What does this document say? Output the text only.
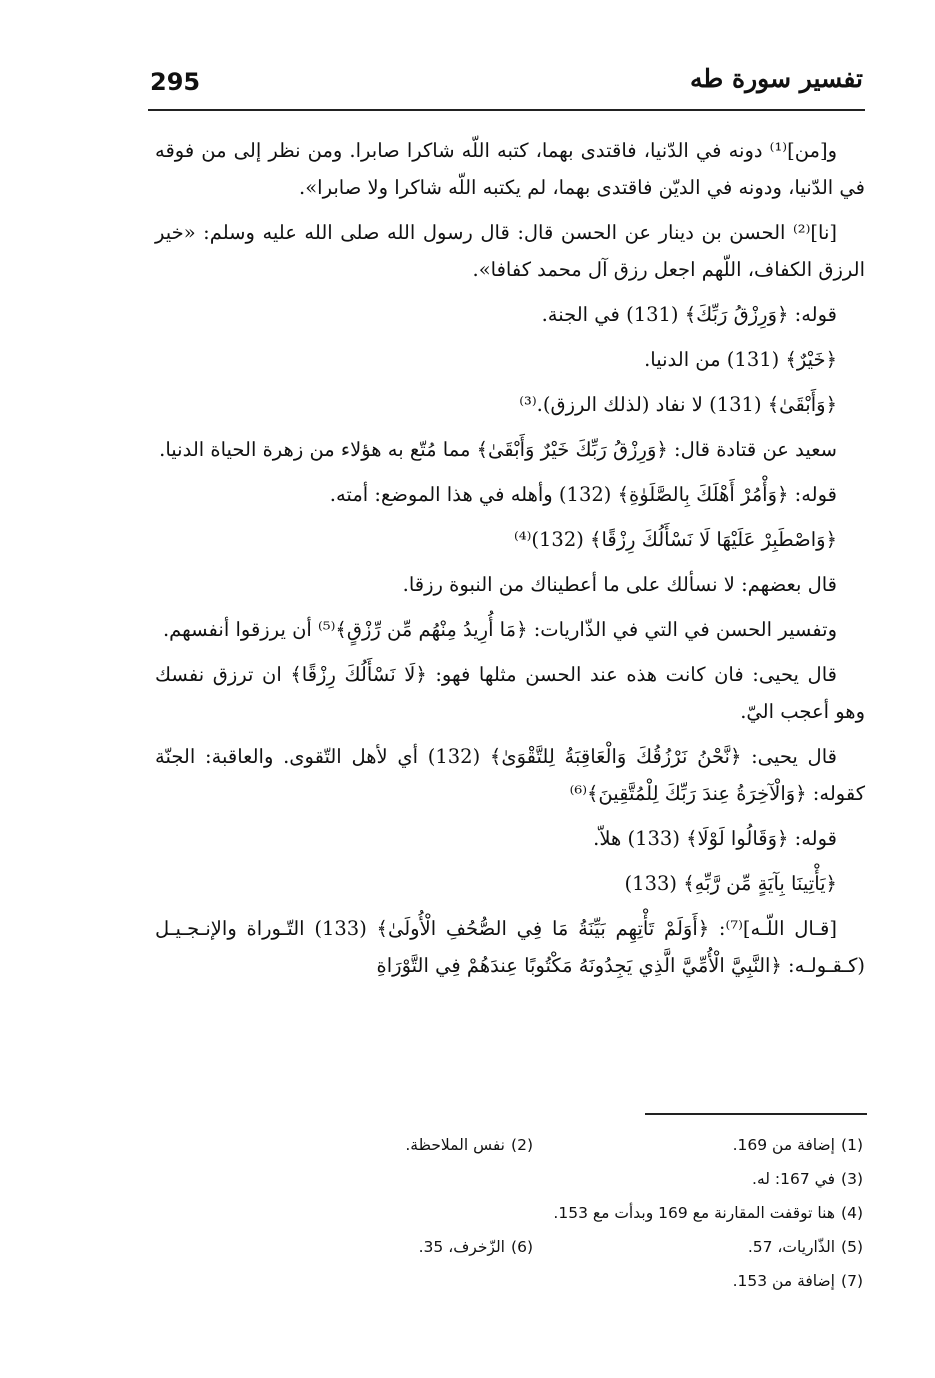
تفسير سورة طه
295

و[من]⁽¹⁾ دونه في الدّنيا، فاقتدى بهما، كتبه اللّه شاكرا صابرا. ومن نظر إلى من فوقه في الدّنيا، ودونه في الديّن فاقتدى بهما، لم يكتبه اللّه شاكرا ولا صابرا».

[نا]⁽²⁾ الحسن بن دينار عن الحسن قال: قال رسول الله صلى الله عليه وسلم: «خير الرزق الكفاف، اللّهم اجعل رزق آل محمد كفافا».

قوله: ﴿وَرِزْقُ رَبِّكَ﴾ (131) في الجنة.

﴿خَيْرٌ﴾ (131) من الدنيا.

﴿وَأَبْقَىٰ﴾ (131) لا نفاد (لذلك الرزق).⁽³⁾

سعيد عن قتادة قال: ﴿وَرِزْقُ رَبِّكَ خَيْرٌ وَأَبْقَىٰ﴾ مما مُتّع به هؤلاء من زهرة الحياة الدنيا.

قوله: ﴿وَأْمُرْ أَهْلَكَ بِالصَّلَوٰةِ﴾ (132) وأهله في هذا الموضع: أمته.

﴿وَاصْطَبِرْ عَلَيْهَا لَا نَسْأَلُكَ رِزْقًا﴾ (132)⁽⁴⁾

قال بعضهم: لا نسألك على ما أعطيناك من النبوة رزقا.

وتفسير الحسن في التي في الذّاريات: ﴿مَا أُرِيدُ مِنْهُم مِّن رِّزْقٍ﴾⁽⁵⁾ أن يرزقوا أنفسهم.

قال يحيى: فان كانت هذه عند الحسن مثلها فهو: ﴿لَا نَسْأَلُكَ رِزْقًا﴾ ان ترزق نفسك وهو أعجب اليّ.

قال يحيى: ﴿نَّحْنُ نَرْزُقُكَ وَالْعَاقِبَةُ لِلتَّقْوَىٰ﴾ (132) أي لأهل التّقوى. والعاقبة: الجنّة كقوله: ﴿وَالْآخِرَةُ عِندَ رَبِّكَ لِلْمُتَّقِينَ﴾⁽⁶⁾

قوله: ﴿وَقَالُوا لَوْلَا﴾ (133) هلاّ.

﴿يَأْتِينَا بِآيَةٍ مِّن رَّبِّهِ﴾ (133)

[قـال اللّـه]⁽⁷⁾: ﴿أَوَلَمْ تَأْتِهِم بَيِّنَةُ مَا فِي الصُّحُفِ الْأُولَىٰ﴾ (133) التّـوراة والإنـجـيـل (كـقـولـه: ﴿النَّبِيَّ الْأُمِّيَّ الَّذِي يَجِدُونَهُ مَكْتُوبًا عِندَهُمْ فِي التَّوْرَاةِ

(1)
إضافة من 169.
(2)
نفس الملاحظة.
(3)
في 167: له.
(4)
هنا توقفت المقارنة مع 169 وبدأت مع 153.
(5)
الذّاريات، 57.
(6)
الزّخرف، 35.
(7)
إضافة من 153.
